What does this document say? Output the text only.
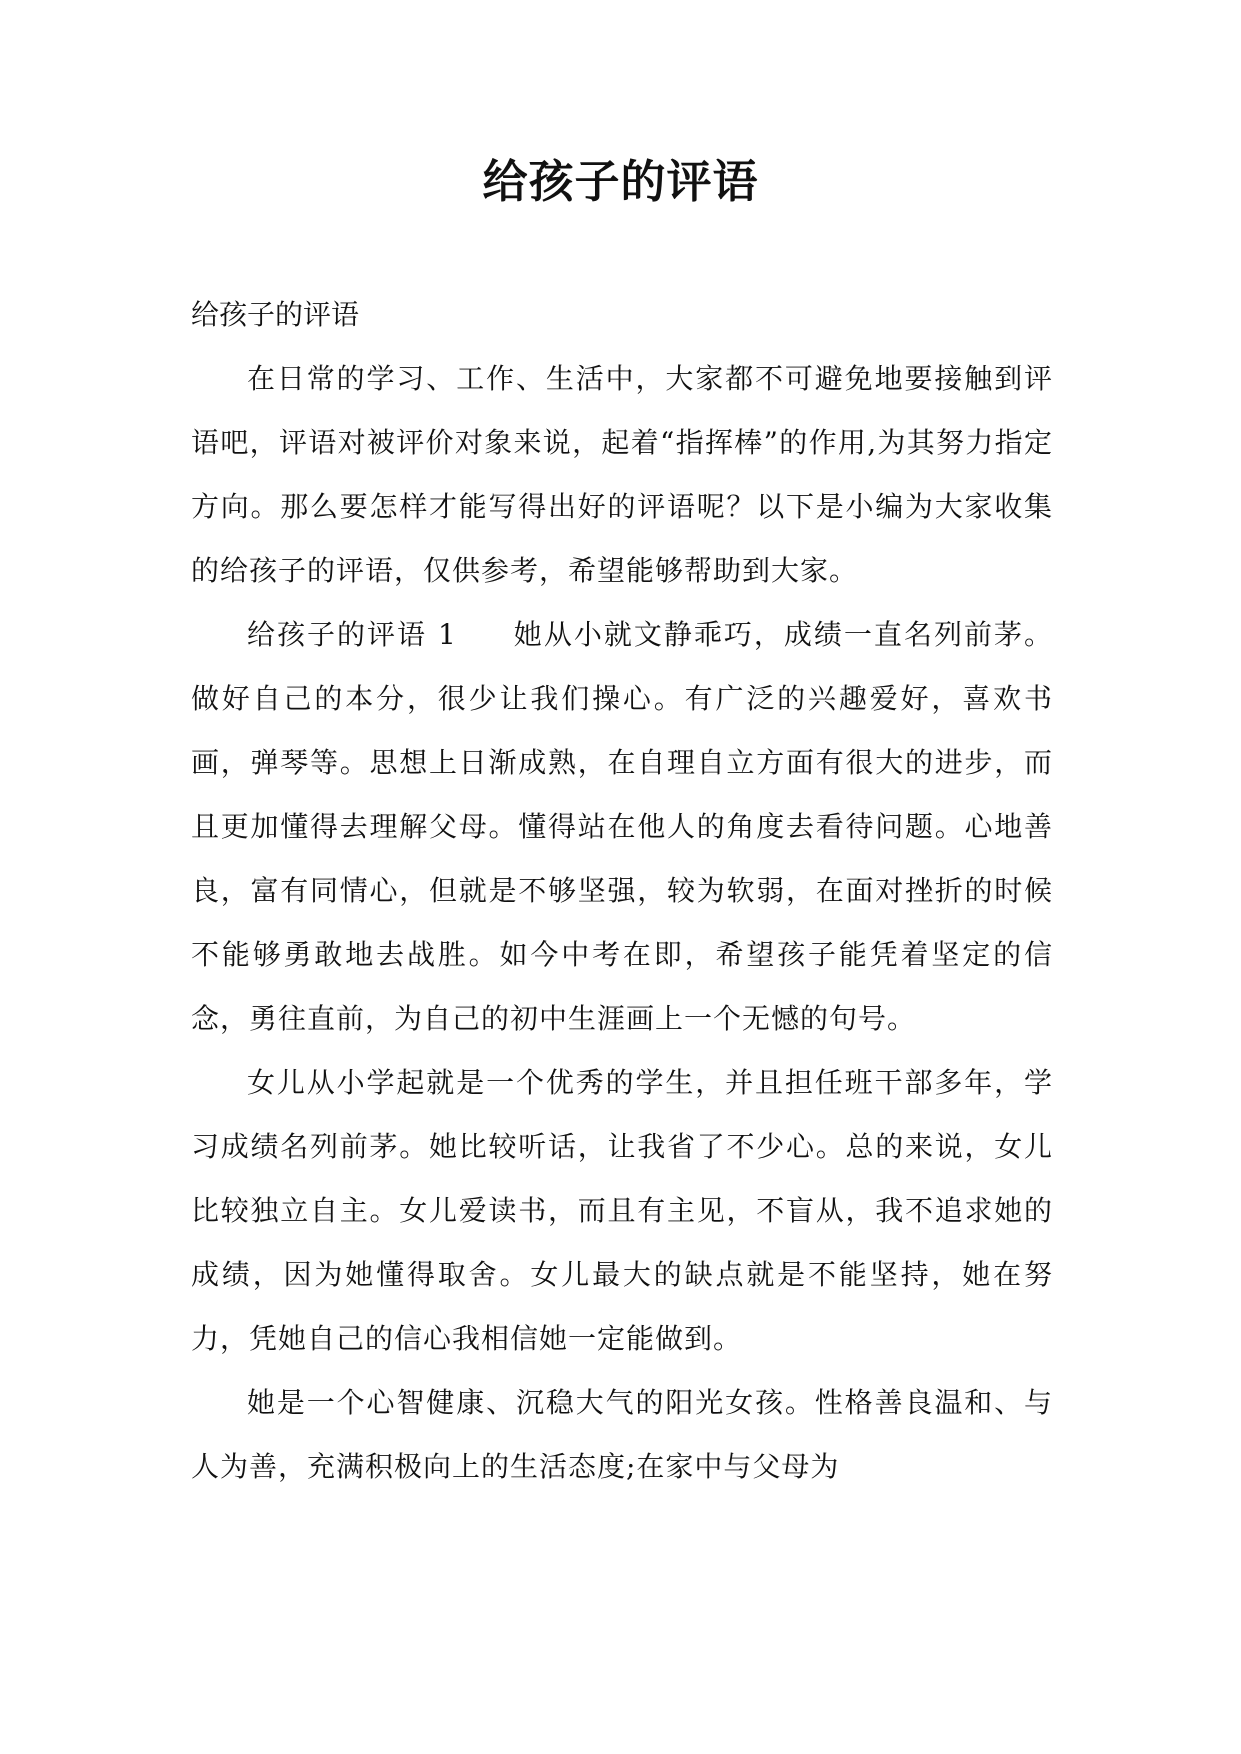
给孩子的评语

给孩子的评语

在日常的学习、工作、生活中，大家都不可避免地要接触到评语吧，评语对被评价对象来说，起着“指挥棒”的作用,为其努力指定方向。那么要怎样才能写得出好的评语呢？以下是小编为大家收集的给孩子的评语，仅供参考，希望能够帮助到大家。

给孩子的评语 1 她从小就文静乖巧，成绩一直名列前茅。做好自己的本分，很少让我们操心。有广泛的兴趣爱好，喜欢书画，弹琴等。思想上日渐成熟，在自理自立方面有很大的进步，而且更加懂得去理解父母。懂得站在他人的角度去看待问题。心地善良，富有同情心，但就是不够坚强，较为软弱，在面对挫折的时候不能够勇敢地去战胜。如今中考在即，希望孩子能凭着坚定的信念，勇往直前，为自己的初中生涯画上一个无憾的句号。

女儿从小学起就是一个优秀的学生，并且担任班干部多年，学习成绩名列前茅。她比较听话，让我省了不少心。总的来说，女儿比较独立自主。女儿爱读书，而且有主见，不盲从，我不追求她的成绩，因为她懂得取舍。女儿最大的缺点就是不能坚持，她在努力，凭她自己的信心我相信她一定能做到。

她是一个心智健康、沉稳大气的阳光女孩。性格善良温和、与人为善，充满积极向上的生活态度;在家中与父母为
